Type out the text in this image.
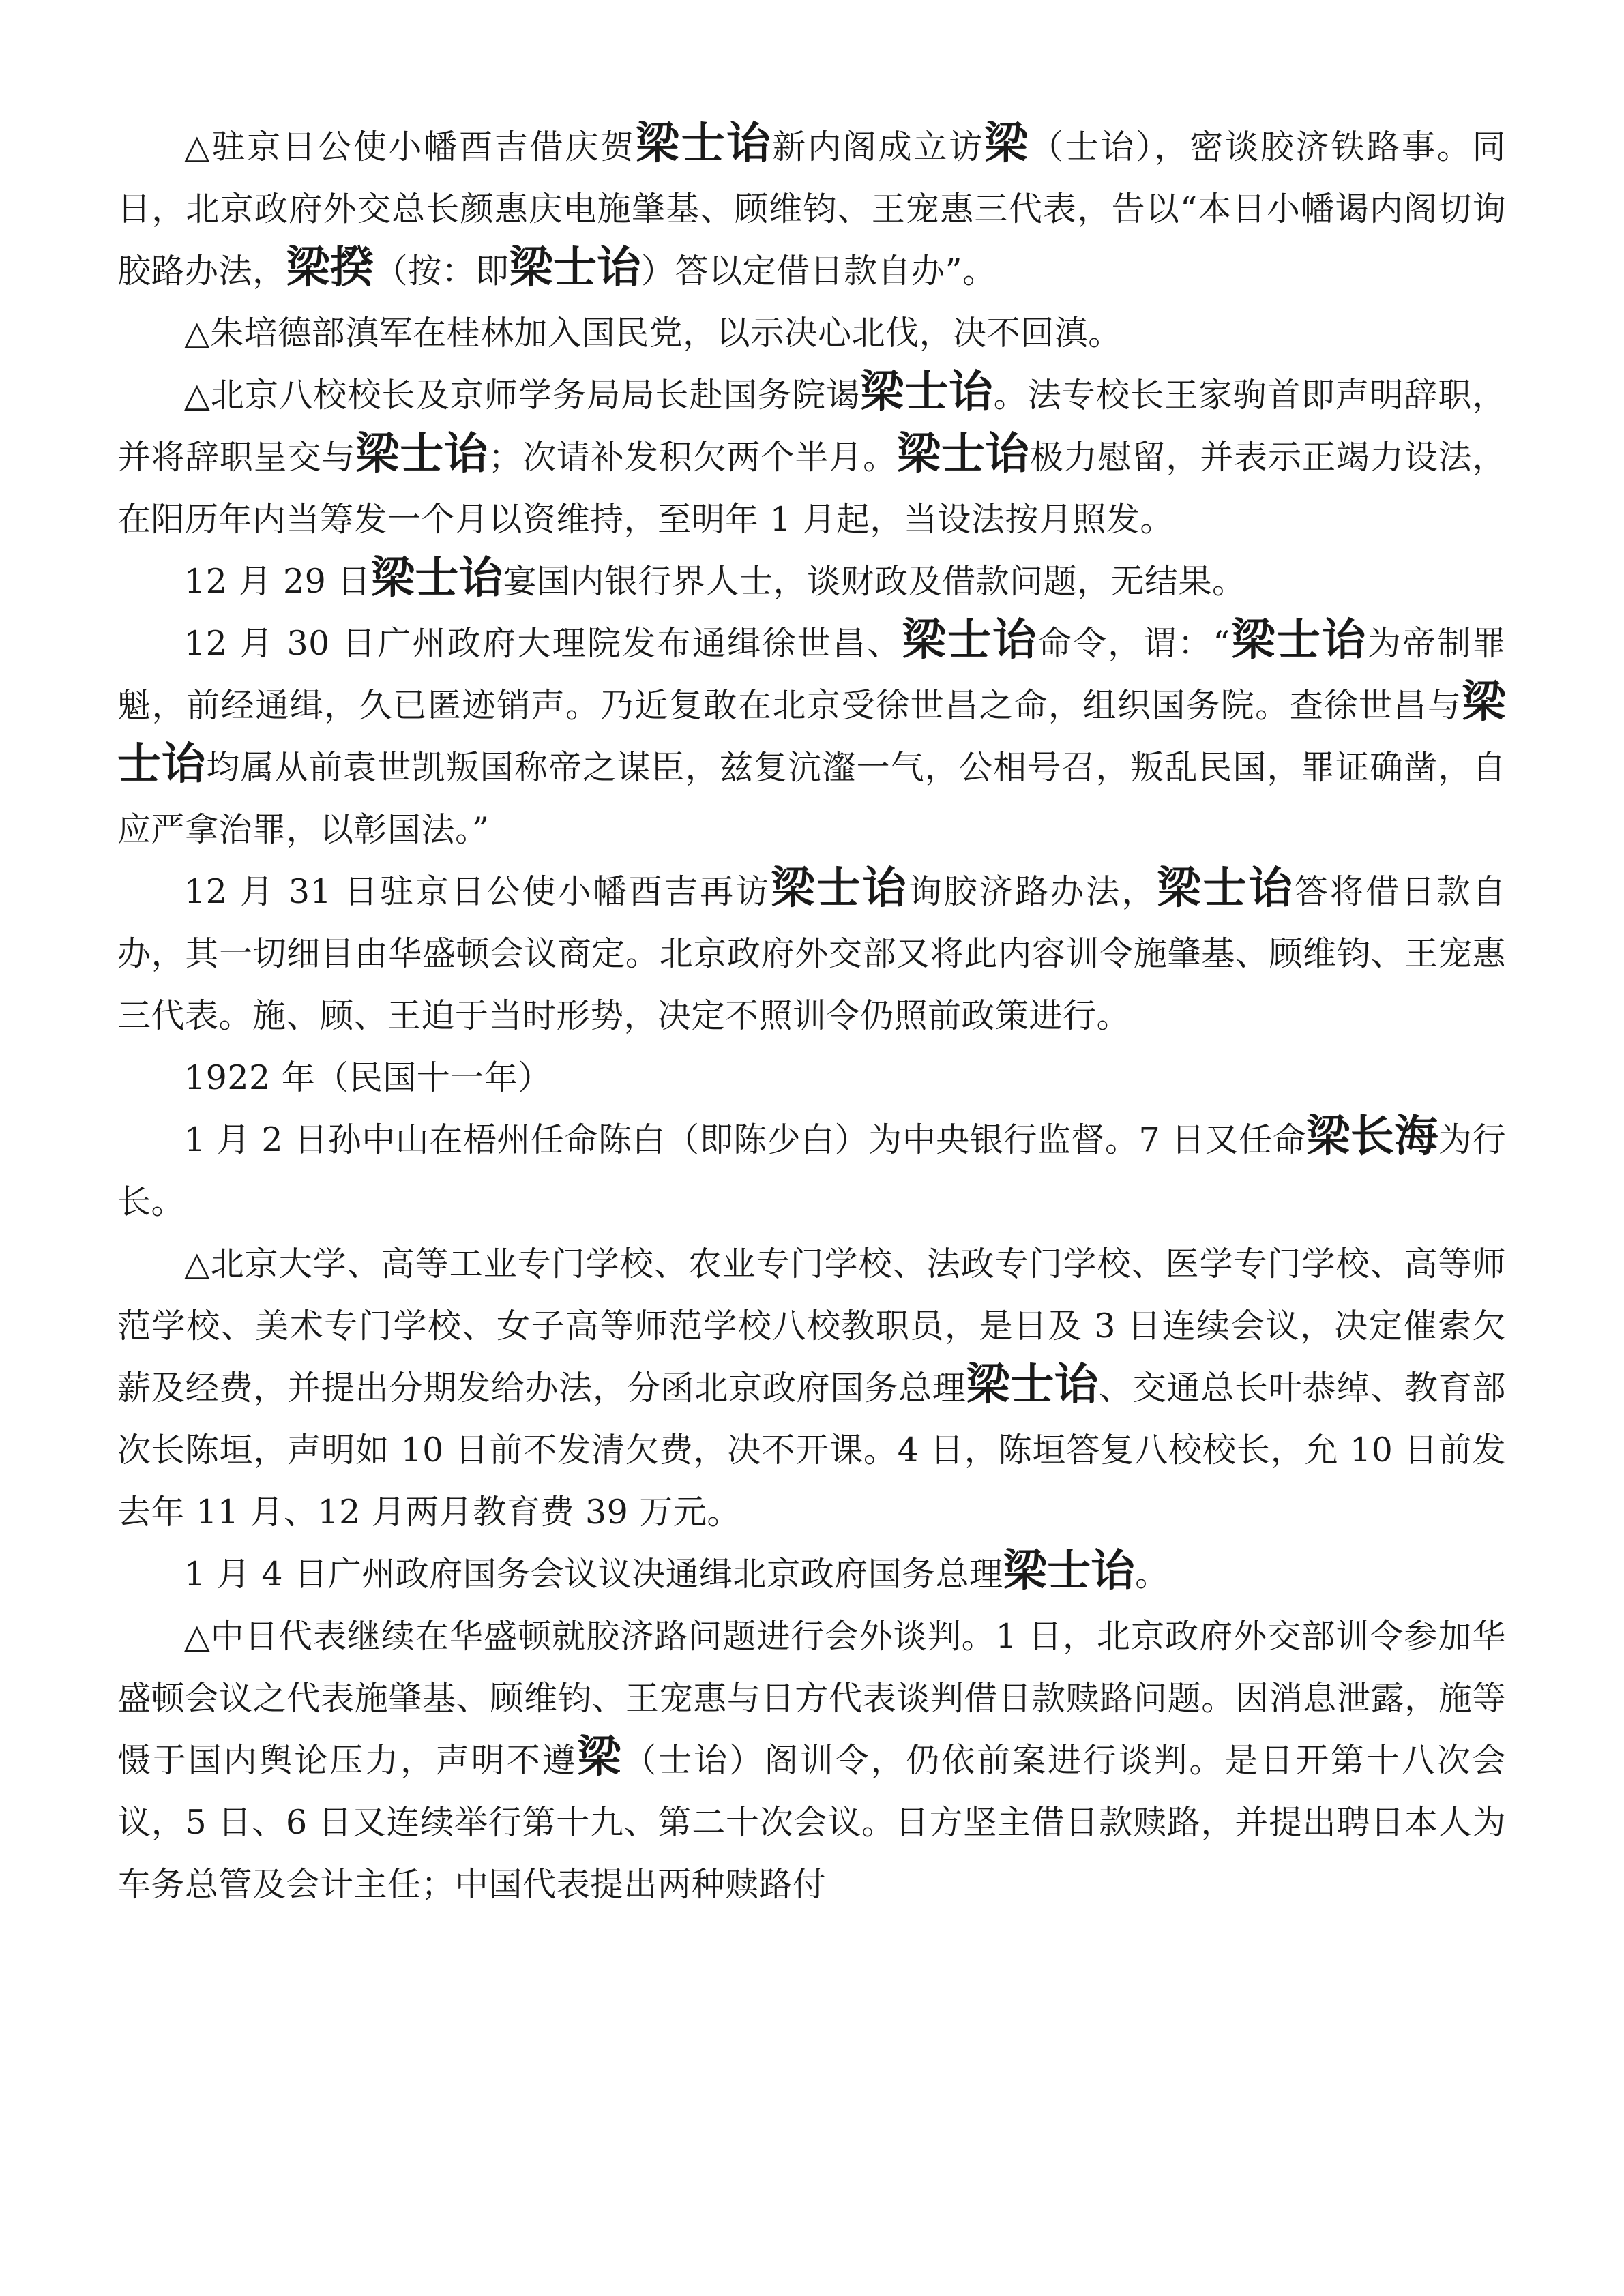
△驻京日公使小幡酉吉借庆贺梁士诒新内阁成立访梁（士诒），密谈胶济铁路事。同日，北京政府外交总长颜惠庆电施肇基、顾维钧、王宠惠三代表，告以“本日小幡谒内阁切询胶路办法，梁揆（按：即梁士诒）答以定借日款自办”。

△朱培德部滇军在桂林加入国民党，以示决心北伐，决不回滇。

△北京八校校长及京师学务局局长赴国务院谒梁士诒。法专校长王家驹首即声明辞职，并将辞职呈交与梁士诒；次请补发积欠两个半月。梁士诒极力慰留，并表示正竭力设法，在阳历年内当筹发一个月以资维持，至明年 1 月起，当设法按月照发。

12 月 29 日梁士诒宴国内银行界人士，谈财政及借款问题，无结果。

12 月 30 日广州政府大理院发布通缉徐世昌、梁士诒命令，谓：“梁士诒为帝制罪魁，前经通缉，久已匿迹销声。乃近复敢在北京受徐世昌之命，组织国务院。查徐世昌与梁士诒均属从前袁世凯叛国称帝之谋臣，兹复沆瀣一气，公相号召，叛乱民国，罪证确凿，自应严拿治罪，以彰国法。”

12 月 31 日驻京日公使小幡酉吉再访梁士诒询胶济路办法，梁士诒答将借日款自办，其一切细目由华盛顿会议商定。北京政府外交部又将此内容训令施肇基、顾维钧、王宠惠三代表。施、顾、王迫于当时形势，决定不照训令仍照前政策进行。

1922 年（民国十一年）

1 月 2 日孙中山在梧州任命陈白（即陈少白）为中央银行监督。7 日又任命梁长海为行长。

△北京大学、高等工业专门学校、农业专门学校、法政专门学校、医学专门学校、高等师范学校、美术专门学校、女子高等师范学校八校教职员，是日及 3 日连续会议，决定催索欠薪及经费，并提出分期发给办法，分函北京政府国务总理梁士诒、交通总长叶恭绰、教育部次长陈垣，声明如 10 日前不发清欠费，决不开课。4 日，陈垣答复八校校长，允 10 日前发去年 11 月、12 月两月教育费 39 万元。

1 月 4 日广州政府国务会议议决通缉北京政府国务总理梁士诒。

△中日代表继续在华盛顿就胶济路问题进行会外谈判。1 日，北京政府外交部训令参加华盛顿会议之代表施肇基、顾维钧、王宠惠与日方代表谈判借日款赎路问题。因消息泄露，施等慑于国内舆论压力，声明不遵梁（士诒）阁训令，仍依前案进行谈判。是日开第十八次会议，5 日、6 日又连续举行第十九、第二十次会议。日方坚主借日款赎路，并提出聘日本人为车务总管及会计主任；中国代表提出两种赎路付
